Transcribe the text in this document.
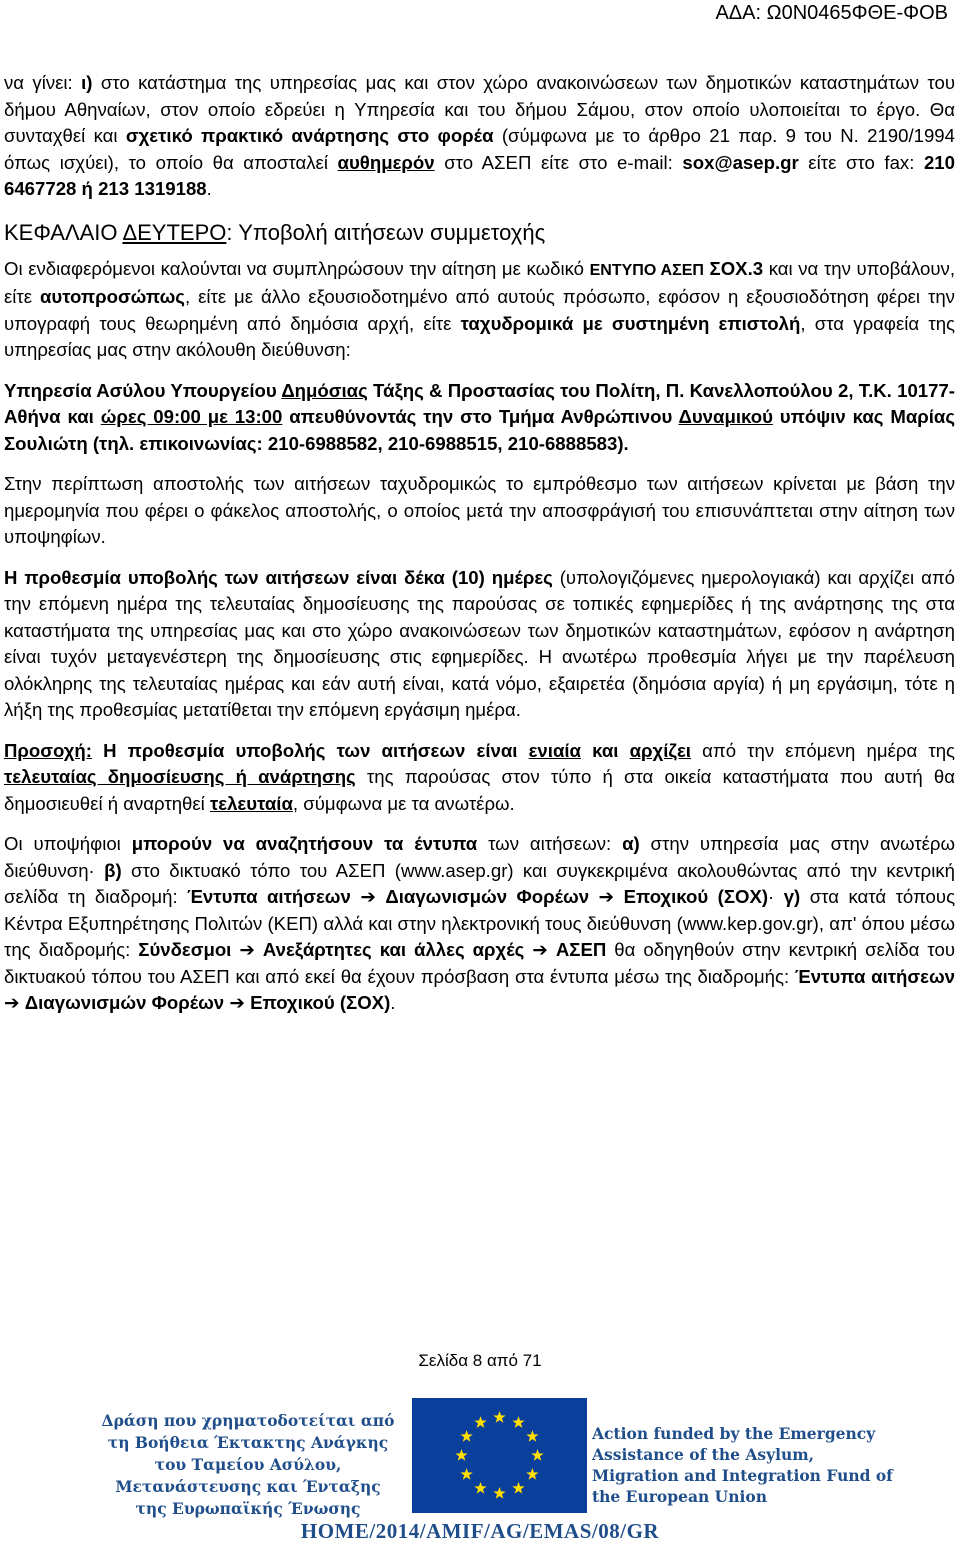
ΑΔΑ: Ω0Ν0465ΦΘΕ-ΦΟΒ

να γίνει: ι) στο κατάστημα της υπηρεσίας μας και στον χώρο ανακοινώσεων των δημοτικών καταστημάτων του δήμου Αθηναίων, στον οποίο εδρεύει η Υπηρεσία και του δήμου Σάμου, στον οποίο υλοποιείται το έργο. Θα συνταχθεί και σχετικό πρακτικό ανάρτησης στο φορέα (σύμφωνα με το άρθρο 21 παρ. 9 του Ν. 2190/1994 όπως ισχύει), το οποίο θα αποσταλεί αυθημερόν στο ΑΣΕΠ είτε στο e-mail: sox@asep.gr είτε στο fax: 210 6467728 ή 213 1319188.

ΚΕΦΑΛΑΙΟ ΔΕΥΤΕΡΟ: Υποβολή αιτήσεων συμμετοχής

Οι ενδιαφερόμενοι καλούνται να συμπληρώσουν την αίτηση με κωδικό ΕΝΤΥΠΟ ΑΣΕΠ ΣΟΧ.3 και να την υποβάλουν, είτε αυτοπροσώπως, είτε με άλλο εξουσιοδοτημένο από αυτούς πρόσωπο, εφόσον η εξουσιοδότηση φέρει την υπογραφή τους θεωρημένη από δημόσια αρχή, είτε ταχυδρομικά με συστημένη επιστολή, στα γραφεία της υπηρεσίας μας στην ακόλουθη διεύθυνση:

Υπηρεσία Ασύλου Υπουργείου Δημόσιας Τάξης & Προστασίας του Πολίτη, Π. Κανελλοπούλου 2, Τ.Κ. 10177- Αθήνα και ώρες 09:00 με 13:00 απευθύνοντάς την στο Τμήμα Ανθρώπινου Δυναμικού υπόψιν κας Μαρίας Σουλιώτη (τηλ. επικοινωνίας: 210-6988582, 210-6988515, 210-6888583).

Στην περίπτωση αποστολής των αιτήσεων ταχυδρομικώς το εμπρόθεσμο των αιτήσεων κρίνεται με βάση την ημερομηνία που φέρει ο φάκελος αποστολής, ο οποίος μετά την αποσφράγισή του επισυνάπτεται στην αίτηση των υποψηφίων.

Η προθεσμία υποβολής των αιτήσεων είναι δέκα (10) ημέρες (υπολογιζόμενες ημερολογιακά) και αρχίζει από την επόμενη ημέρα της τελευταίας δημοσίευσης της παρούσας σε τοπικές εφημερίδες ή της ανάρτησης της στα καταστήματα της υπηρεσίας μας και στο χώρο ανακοινώσεων των δημοτικών καταστημάτων, εφόσον η ανάρτηση είναι τυχόν μεταγενέστερη της δημοσίευσης στις εφημερίδες. Η ανωτέρω προθεσμία λήγει με την παρέλευση ολόκληρης της τελευταίας ημέρας και εάν αυτή είναι, κατά νόμο, εξαιρετέα (δημόσια αργία) ή μη εργάσιμη, τότε η λήξη της προθεσμίας μετατίθεται την επόμενη εργάσιμη ημέρα.

Προσοχή: Η προθεσμία υποβολής των αιτήσεων είναι ενιαία και αρχίζει από την επόμενη ημέρα της τελευταίας δημοσίευσης ή ανάρτησης της παρούσας στον τύπο ή στα οικεία καταστήματα που αυτή θα δημοσιευθεί ή αναρτηθεί τελευταία, σύμφωνα με τα ανωτέρω.

Οι υποψήφιοι μπορούν να αναζητήσουν τα έντυπα των αιτήσεων: α) στην υπηρεσία μας στην ανωτέρω διεύθυνση· β) στο δικτυακό τόπο του ΑΣΕΠ (www.asep.gr) και συγκεκριμένα ακολουθώντας από την κεντρική σελίδα τη διαδρομή: Έντυπα αιτήσεων ➔ Διαγωνισμών Φορέων ➔ Εποχικού (ΣΟΧ)· γ) στα κατά τόπους Κέντρα Εξυπηρέτησης Πολιτών (ΚΕΠ) αλλά και στην ηλεκτρονική τους διεύθυνση (www.kep.gov.gr), απ' όπου μέσω της διαδρομής: Σύνδεσμοι ➔ Ανεξάρτητες και άλλες αρχές ➔ ΑΣΕΠ θα οδηγηθούν στην κεντρική σελίδα του δικτυακού τόπου του ΑΣΕΠ και από εκεί θα έχουν πρόσβαση στα έντυπα μέσω της διαδρομής: Έντυπα αιτήσεων ➔ Διαγωνισμών Φορέων ➔ Εποχικού (ΣΟΧ).

Σελίδα 8 από 71
Δράση που χρηματοδοτείται από τη Βοήθεια Έκτακτης Ανάγκης του Ταμείου Ασύλου, Μετανάστευσης και Ένταξης της Ευρωπαϊκής Ένωσης
Action funded by the Emergency Assistance of the Asylum, Migration and Integration Fund of the European Union
HOME/2014/AMIF/AG/EMAS/08/GR
